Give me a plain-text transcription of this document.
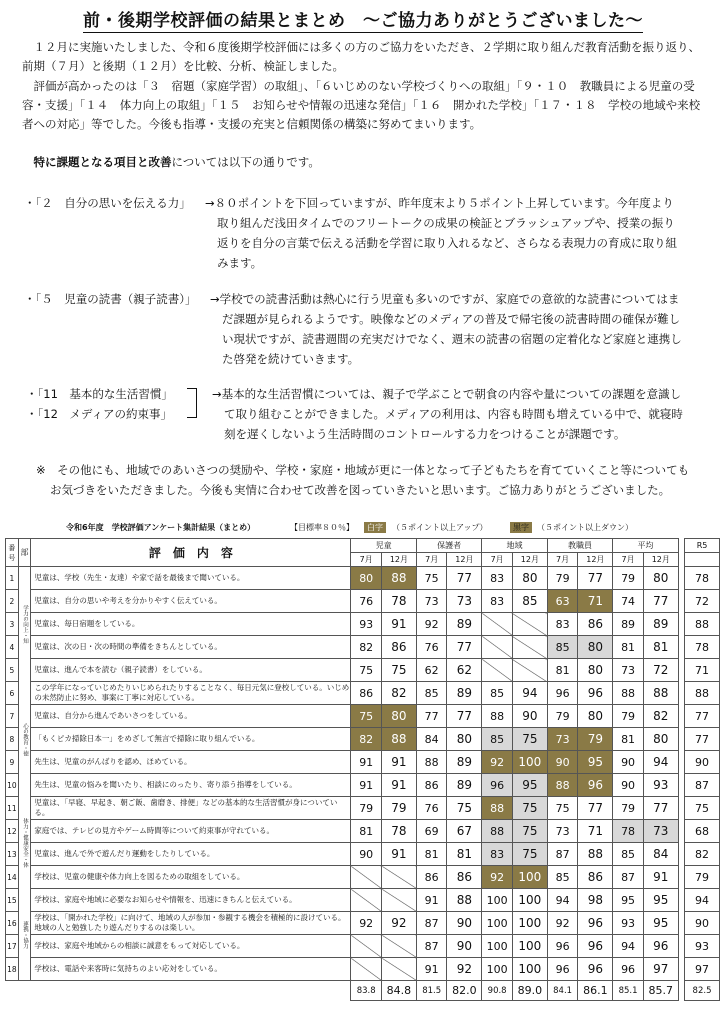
前・後期学校評価の結果とまとめ　～ご協力ありがとうございました～
１２月に実施いたしました、令和６度後期学校評価には多くの方のご協力をいただき、２学期に取り組んだ教育活動を振り返り、前期（７月）と後期（１２月）を比較、分析、検証しました。
評価が高かったのは「３　宿題（家庭学習）の取組」、「６いじめのない学校づくりへの取組」「９・１０　教職員による児童の受容・支援」「１４　体力向上の取組」「１５　お知らせや情報の迅速な発信」「１６　開かれた学校」「１７・１８　学校の地域や来校者への対応」等でした。今後も指導・支援の充実と信頼関係の構築に努めてまいります。
特に課題となる項目と改善については以下の通りです。
・「２　自分の思いを伝える力」 →８０ポイントを下回っていますが、昨年度末より５ポイント上昇しています。今年度より取り組んだ浅田タイムでのフリートークの成果の検証とブラッシュアップや、授業の振り返りを自分の言葉で伝える活動を学習に取り入れるなど、さらなる表現力の育成に取り組みます。
・「５　児童の読書（親子読書）」 →学校での読書活動は熱心に行う児童も多いのですが、家庭での意欲的な読書についてはまだ課題が見られるようです。映像などのメディアの普及で帰宅後の読書時間の確保が難しい現状ですが、読書週間の充実だけでなく、週末の読書の宿題の定着化など家庭と連携した啓発を続けていきます。
・「11　基本的な生活習慣」
・「12　メディアの約束事」
→基本的な生活習慣については、親子で学ぶことで朝食の内容や量についての課題を意識して取り組むことができました。メディアの利用は、内容も時間も増えている中で、就寝時刻を遅くしないよう生活時間のコントロールする力をつけることが課題です。
※　その他にも、地域でのあいさつの奨励や、学校・家庭・地域が更に一体となって子どもたちを育てていくこと等についてもお気づきをいただきました。今後も実情に合わせて改善を図っていきたいと思います。ご協力ありがとうございました。
令和6年度　学校評価アンケート集計結果（まとめ）	【目標率８０％】	白字	（５ポイント以上アップ）	黒字	（５ポイント以上ダウン）
番号	部	評　価　内　容	児童		保護者		地域		教職員		平均			R5
			7月	12月	7月	12月	7月	12月	7月	12月	7月	12月		
1	学力の向上・知	児童は、学校（先生・友達）や家で話を最後まで聞いている。	80	88	75	77	83	80	79	77	79	80		78
2		児童は、自分の思いや考えを分かりやすく伝えている。	76	78	73	73	83	85	63	71	74	77		72
3		児童は、毎日宿題をしている。	93	91	92	89			83	86	89	89		88
4		児童は、次の日・次の時間の準備をきちんとしている。	82	86	76	77			85	80	81	81		78
5		児童は、進んで本を読む（親子読書）をしている。	75	75	62	62			81	80	73	72		71
6	心の教育・徳	この学年になっていじめたりいじめられたりすることなく、毎日元気に登校している。いじめの未然防止に努め、事案に丁寧に対応している。	86	82	85	89	85	94	96	96	88	88		88
7		児童は、自分から進んであいさつをしている。	75	80	77	77	88	90	79	80	79	82		77
8		「もくピカ掃除日本一」をめざして無言で掃除に取り組んでいる。	82	88	84	80	85	75	73	79	81	80		77
9		先生は、児童のがんばりを認め、ほめている。	91	91	88	89	92	100	90	95	90	94		90
10		先生は、児童の悩みを聞いたり、相談にのったり、寄り添う指導をしている。	91	91	86	89	96	95	88	96	90	93		87
11	体力・健康安全・体	児童は、「早寝、早起き、朝ご飯、歯磨き、排便」などの基本的な生活習慣が身についている。	79	79	76	75	88	75	75	77	79	77		75
12		家庭では、テレビの見方やゲーム時間等について約束事が守れている。	81	78	69	67	88	75	73	71	78	73		68
13		児童は、進んで外で遊んだり運動をしたりしている。	90	91	81	81	83	75	87	88	85	84		82
14		学校は、児童の健康や体力向上を図るための取組をしている。			86	86	92	100	85	86	87	91		79
15	連携・協力	学校は、家庭や地域に必要なお知らせや情報を、迅速にきちんと伝えている。			91	88	100	100	94	98	95	95		94
16		学校は、「開かれた学校」に向けて、地域の人が参加・参観する機会を積極的に設けている。地域の人と勉強したり遊んだりするのは楽しい。	92	92	87	90	100	100	92	96	93	95		90
17		学校は、家庭や地域からの相談に誠意をもって対応している。			87	90	100	100	96	96	94	96		93
18		学校は、電話や来客時に気持ちのよい応対をしている。			91	92	100	100	96	96	96	97		97
			83.8	84.8	81.5	82.0	90.8	89.0	84.1	86.1	85.1	85.7		82.5
